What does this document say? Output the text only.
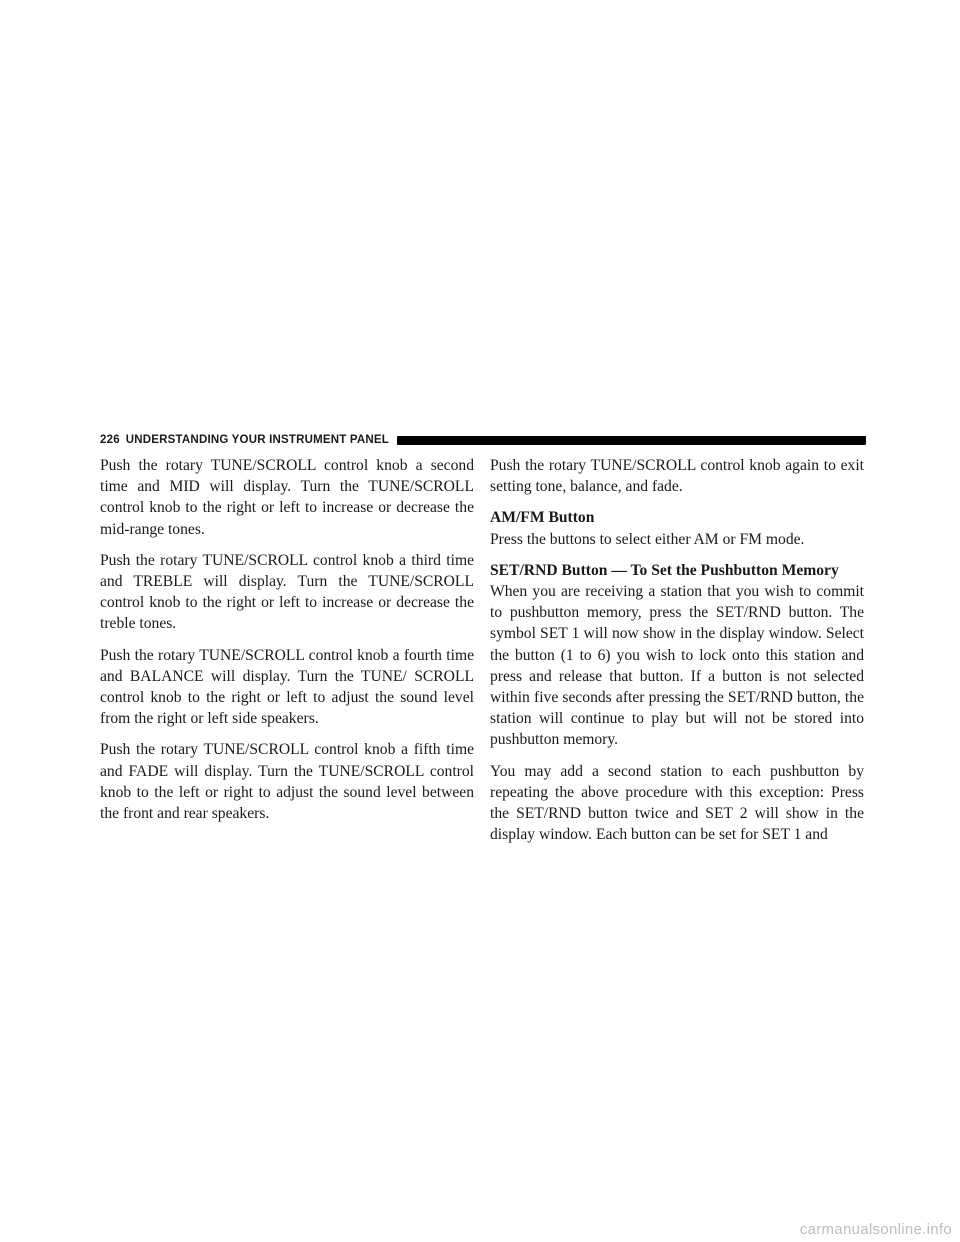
226 UNDERSTANDING YOUR INSTRUMENT PANEL

Push the rotary TUNE/SCROLL control knob a second time and MID will display. Turn the TUNE/SCROLL control knob to the right or left to increase or decrease the mid-range tones.

Push the rotary TUNE/SCROLL control knob a third time and TREBLE will display. Turn the TUNE/SCROLL control knob to the right or left to increase or decrease the treble tones.

Push the rotary TUNE/SCROLL control knob a fourth time and BALANCE will display. Turn the TUNE/ SCROLL control knob to the right or left to adjust the sound level from the right or left side speakers.

Push the rotary TUNE/SCROLL control knob a fifth time and FADE will display. Turn the TUNE/SCROLL control knob to the left or right to adjust the sound level between the front and rear speakers.

Push the rotary TUNE/SCROLL control knob again to exit setting tone, balance, and fade.

AM/FM Button

Press the buttons to select either AM or FM mode.

SET/RND Button — To Set the Pushbutton Memory

When you are receiving a station that you wish to commit to pushbutton memory, press the SET/RND button. The symbol SET 1 will now show in the display window. Select the button (1 to 6) you wish to lock onto this station and press and release that button. If a button is not selected within five seconds after pressing the SET/RND button, the station will continue to play but will not be stored into pushbutton memory.

You may add a second station to each pushbutton by repeating the above procedure with this exception: Press the SET/RND button twice and SET 2 will show in the display window. Each button can be set for SET 1 and

carmanualsonline.info
